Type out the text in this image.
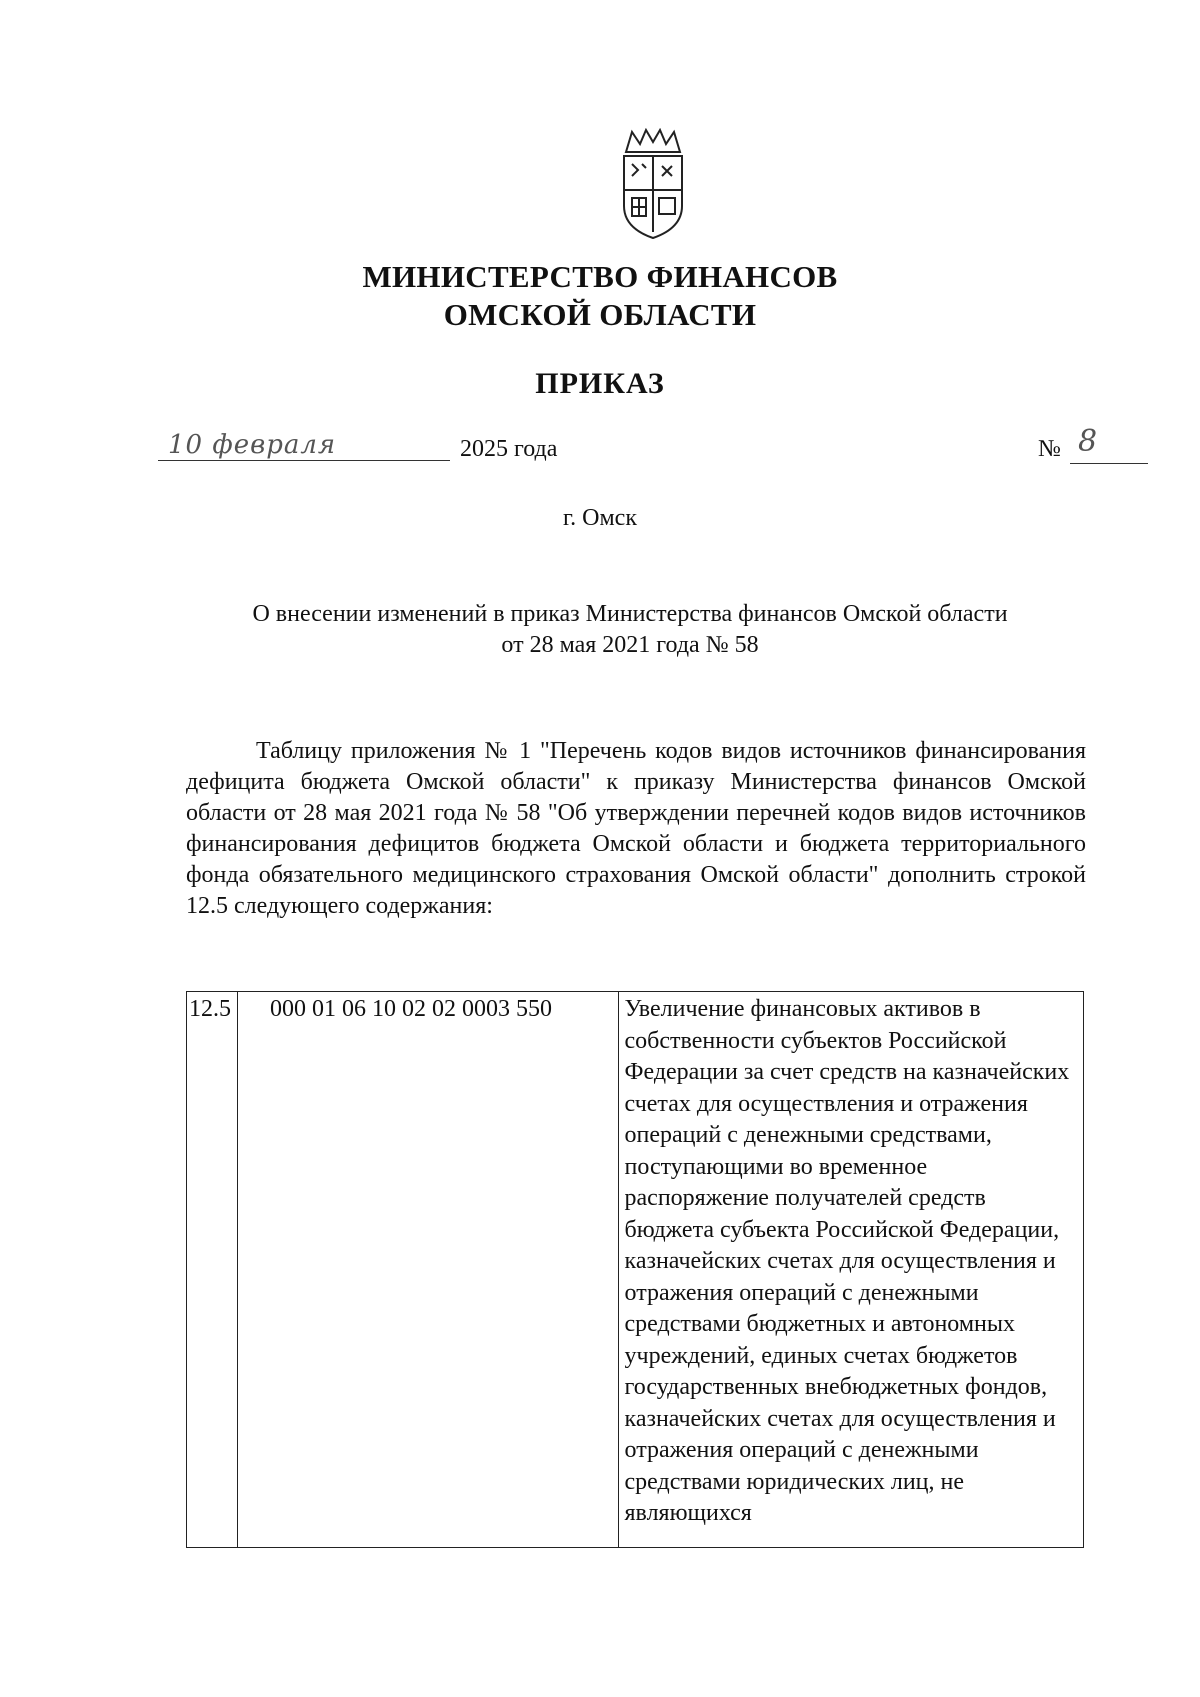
МИНИСТЕРСТВО ФИНАНСОВ
ОМСКОЙ ОБЛАСТИ
ПРИКАЗ
10 февраля	2025 года	№ 8
г. Омск
О внесении изменений в приказ Министерства финансов Омской области
от 28 мая 2021 года № 58
Таблицу приложения № 1 "Перечень кодов видов источников финансирования дефицита бюджета Омской области" к приказу Министерства финансов Омской области от 28 мая 2021 года № 58 "Об утверждении перечней кодов видов источников финансирования дефицитов бюджета Омской области и бюджета территориального фонда обязательного медицинского страхования Омской области" дополнить строкой 12.5 следующего содержания:
12.5	000 01 06 10 02 02 0003 550	Увеличение финансовых активов в собственности субъектов Российской Федерации за счет средств на казначейских счетах для осуществления и отражения операций с денежными средствами, поступающими во временное распоряжение получателей средств бюджета субъекта Российской Федерации, казначейских счетах для осуществления и отражения операций с денежными средствами бюджетных и автономных учреждений, единых счетах бюджетов государственных внебюджетных фондов, казначейских счетах для осуществления и отражения операций с денежными средствами юридических лиц, не являющихся
